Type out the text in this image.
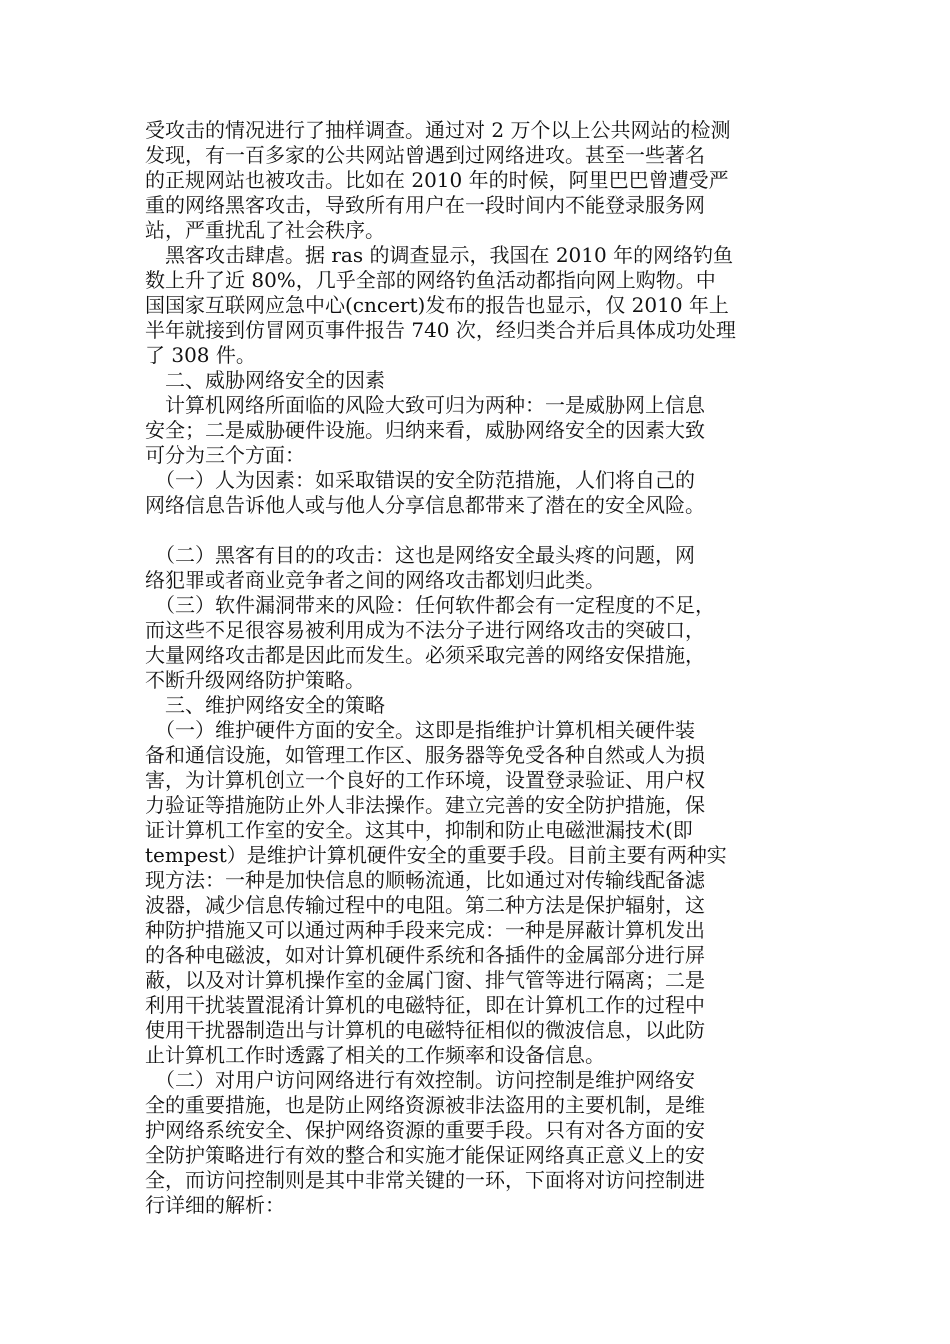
受攻击的情况进行了抽样调查。通过对 2 万个以上公共网站的检测
发现，有一百多家的公共网站曾遇到过网络进攻。甚至一些著名
的正规网站也被攻击。比如在 2010 年的时候，阿里巴巴曾遭受严
重的网络黑客攻击，导致所有用户在一段时间内不能登录服务网
站，严重扰乱了社会秩序。
　黑客攻击肆虐。据 ras 的调查显示，我国在 2010 年的网络钓鱼
数上升了近 80%，几乎全部的网络钓鱼活动都指向网上购物。中
国国家互联网应急中心(cncert)发布的报告也显示，仅 2010 年上
半年就接到仿冒网页事件报告 740 次，经归类合并后具体成功处理
了 308 件。
　二、威胁网络安全的因素
　计算机网络所面临的风险大致可归为两种：一是威胁网上信息
安全；二是威胁硬件设施。归纳来看，威胁网络安全的因素大致
可分为三个方面：
　（一）人为因素：如采取错误的安全防范措施，人们将自己的
网络信息告诉他人或与他人分享信息都带来了潜在的安全风险。
　（二）黑客有目的的攻击：这也是网络安全最头疼的问题，网
络犯罪或者商业竞争者之间的网络攻击都划归此类。
　（三）软件漏洞带来的风险：任何软件都会有一定程度的不足，
而这些不足很容易被利用成为不法分子进行网络攻击的突破口，
大量网络攻击都是因此而发生。必须采取完善的网络安保措施，
不断升级网络防护策略。
　三、维护网络安全的策略
　（一）维护硬件方面的安全。这即是指维护计算机相关硬件装
备和通信设施，如管理工作区、服务器等免受各种自然或人为损
害，为计算机创立一个良好的工作环境，设置登录验证、用户权
力验证等措施防止外人非法操作。建立完善的安全防护措施，保
证计算机工作室的安全。这其中，抑制和防止电磁泄漏技术(即
tempest）是维护计算机硬件安全的重要手段。目前主要有两种实
现方法：一种是加快信息的顺畅流通，比如通过对传输线配备滤
波器，减少信息传输过程中的电阻。第二种方法是保护辐射，这
种防护措施又可以通过两种手段来完成：一种是屏蔽计算机发出
的各种电磁波，如对计算机硬件系统和各插件的金属部分进行屏
蔽，以及对计算机操作室的金属门窗、排气管等进行隔离；二是
利用干扰装置混淆计算机的电磁特征，即在计算机工作的过程中
使用干扰器制造出与计算机的电磁特征相似的微波信息，以此防
止计算机工作时透露了相关的工作频率和设备信息。
　（二）对用户访问网络进行有效控制。访问控制是维护网络安
全的重要措施，也是防止网络资源被非法盗用的主要机制，是维
护网络系统安全、保护网络资源的重要手段。只有对各方面的安
全防护策略进行有效的整合和实施才能保证网络真正意义上的安
全，而访问控制则是其中非常关键的一环，下面将对访问控制进
行详细的解析：
